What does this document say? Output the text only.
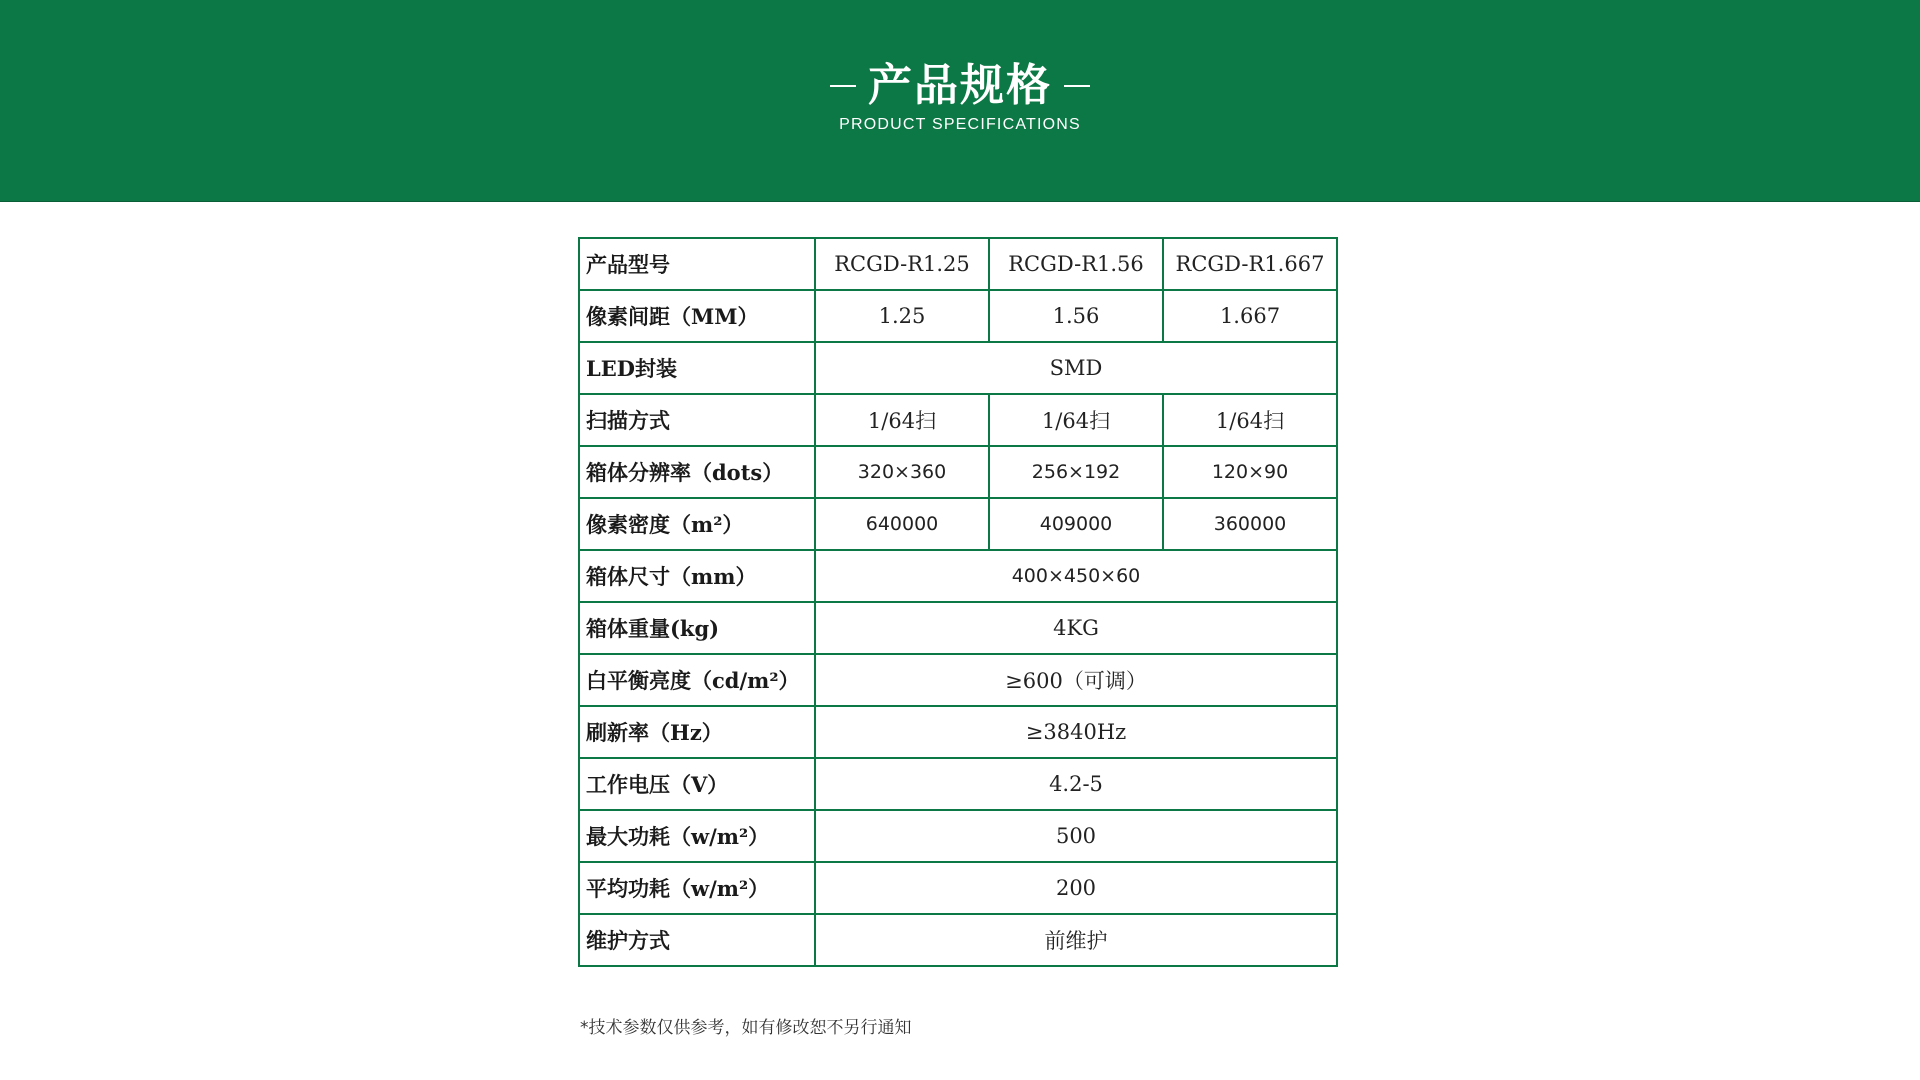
产品规格
PRODUCT SPECIFICATIONS
产品型号	RCGD-R1.25	RCGD-R1.56	RCGD-R1.667
像素间距（MM）	1.25	1.56	1.667
LED封装	SMD		
扫描方式	1/64扫	1/64扫	1/64扫
箱体分辨率（dots）	320×360	256×192	120×90
像素密度（m²）	640000	409000	360000
箱体尺寸（mm）	400×450×60		
箱体重量(kg)	4KG		
白平衡亮度（cd/m²）	≥600（可调）		
刷新率（Hz）	≥3840Hz		
工作电压（V）	4.2-5		
最大功耗（w/m²）	500		
平均功耗（w/m²）	200		
维护方式	前维护		
*技术参数仅供参考，如有修改恕不另行通知
